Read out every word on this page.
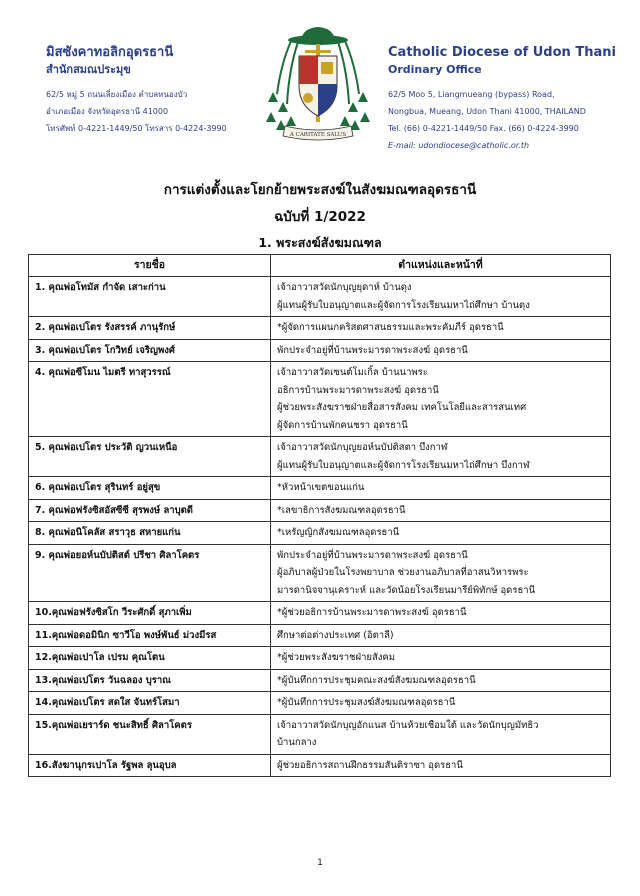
มิสซังคาทอลิกอุดรธานี
สำนักสมณประมุข
62/5 หมู่ 5 ถนนเลี่ยงเมือง ตำบลหนองบัว
อำเภอเมือง จังหวัดอุดรธานี 41000
โทรศัพท์ 0-4221-1449/50 โทรสาร 0-4224-3990
A CARITATE SALUS
Catholic Diocese of Udon Thani
Ordinary Office
62/5 Moo 5, Liangmueang (bypass) Road,
Nongbua, Mueang, Udon Thani 41000, THAILAND
Tel. (66) 0-4221-1449/50 Fax. (66) 0-4224-3990
E-mail: udondiocese@catholic.or.th
การแต่งตั้งและโยกย้ายพระสงฆ์ในสังฆมณฑลอุดรธานี
ฉบับที่ 1/2022
1. พระสงฆ์สังฆมณฑล
รายชื่อ	ตำแหน่งและหน้าที่
1. คุณพ่อโทมัส กำจัด เสาะก่าน	เจ้าอาวาสวัดนักบุญยุดาห์ บ้านดุง
ผู้แทนผู้รับใบอนุญาตและผู้จัดการโรงเรียนมหาไถ่ศึกษา บ้านดุง

2. คุณพ่อเปโตร รังสรรค์ ภานุรักษ์	*ผู้จัดการแผนกคริสตศาสนธรรมและพระคัมภีร์ อุดรธานี

3. คุณพ่อเปโตร โกวิทย์ เจริญพงศ์	พักประจำอยู่ที่บ้านพระมารดาพระสงฆ์ อุดรธานี

4. คุณพ่อซีโมน ไมตรี ทาสุวรรณ์	เจ้าอาวาสวัดเซนต์โมเกิ้ล บ้านนาพระ
อธิการบ้านพระมารดาพระสงฆ์ อุดรธานี
ผู้ช่วยพระสังฆราชฝ่ายสื่อสารสังคม เทคโนโลยีและสารสนเทศ
ผู้จัดการบ้านพักคนชรา อุดรธานี

5. คุณพ่อเปโตร ประวัติ ญวนเหนือ	เจ้าอาวาสวัดนักบุญยอห์นบัปติสตา บึงกาฬ
ผู้แทนผู้รับใบอนุญาตและผู้จัดการโรงเรียนมหาไถ่ศึกษา บึงกาฬ

6. คุณพ่อเปโตร สุรินทร์ อยู่สุข	*หัวหน้าเขตขอนแก่น

7. คุณพ่อฟรังซิสอัสซีซี สุรพงษ์ ลาบุตดี	*เลขาธิการสังฆมณฑลอุดรธานี

8. คุณพ่อนิโคลัส สราวุธ สหายแก่น	*เหรัญญิกสังฆมณฑลอุดรธานี

9. คุณพ่อยอห์นบัปติสต์ ปรีชา ศิลาโคตร	พักประจำอยู่ที่บ้านพระมารดาพระสงฆ์ อุดรธานี
ผู้อภิบาลผู้ป่วยในโรงพยาบาล ช่วยงานอภิบาลที่อาสนวิหารพระ
มารดานิจจานุเคราะห์ และวัดน้อยโรงเรียนมารีย์พิทักษ์ อุดรธานี

10.คุณพ่อฟรังซิสโก วีระศักดิ์ สุภาเพิ่ม	*ผู้ช่วยอธิการบ้านพระมารดาพระสงฆ์ อุดรธานี

11.คุณพ่อดอมินิก ซาวีโอ พงษ์พันธ์ ม่วงมีรส	ศึกษาต่อต่างประเทศ (อิตาลี)

12.คุณพ่อเปาโล เปรม คุณโตน	*ผู้ช่วยพระสังฆราชฝ่ายสังคม

13.คุณพ่อเปโตร วันฉลอง บุราณ	*ผู้บันทึกการประชุมคณะสงฆ์สังฆมณฑลอุดรธานี

14.คุณพ่อเปโตร สดใส จันทร์โสมา	*ผู้บันทึกการประชุมสงฆ์สังฆมณฑลอุดรธานี

15.คุณพ่อเยราร์ด ชนะสิทธิ์ ศิลาโคตร	เจ้าอาวาสวัดนักบุญอักแนส บ้านห้วยเชือมใต้ และวัดนักบุญมัทธิว
บ้านกลาง

16.สังฆานุกรเปาโล รัฐพล ลุนอุบล	ผู้ช่วยอธิการสถานฝึกธรรมสันติราซา อุดรธานี
1
